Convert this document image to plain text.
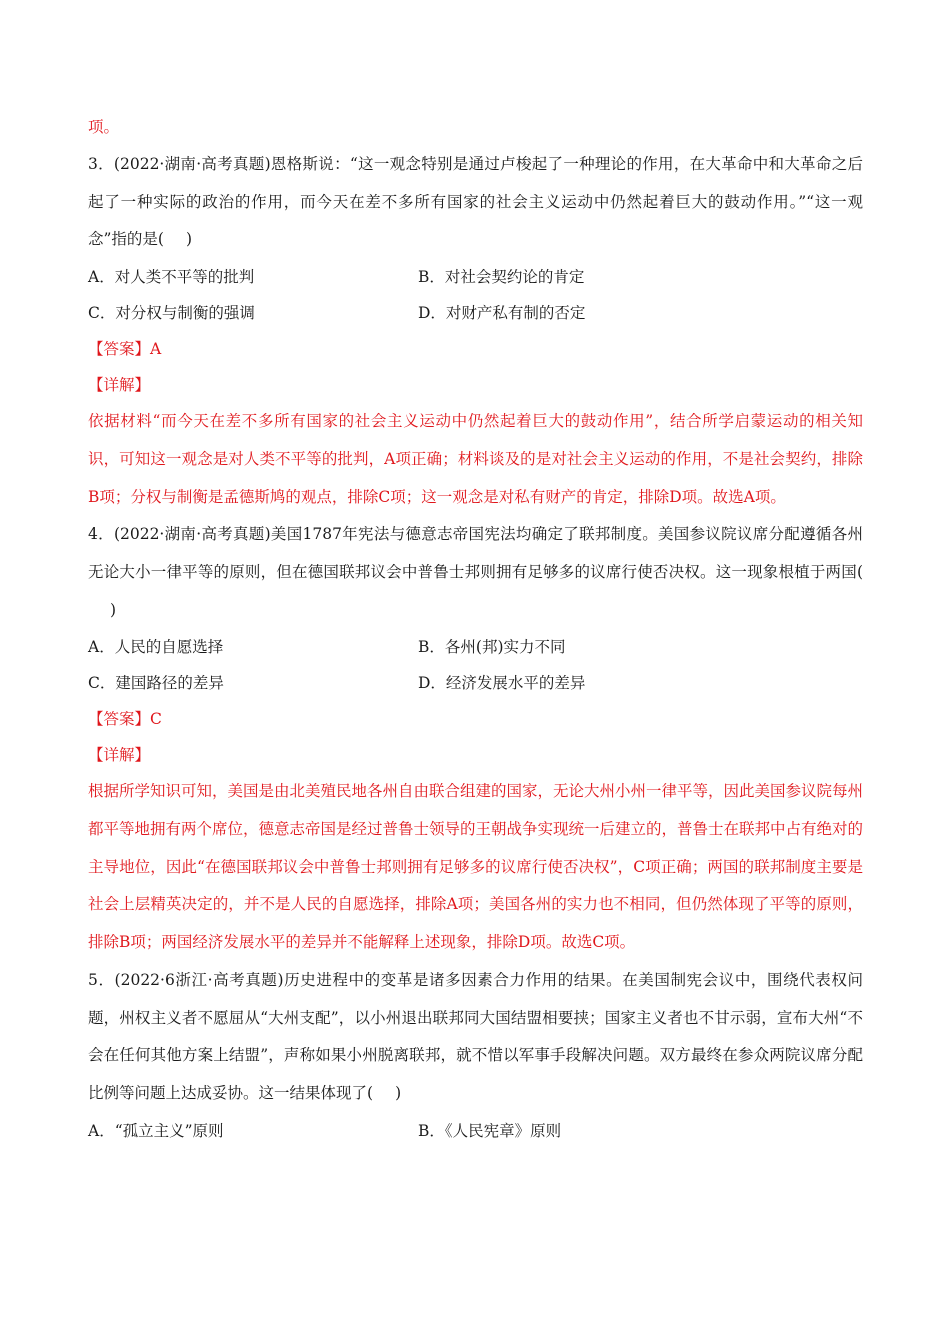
项。
3．(2022·湖南·高考真题)恩格斯说：“这一观念特别是通过卢梭起了一种理论的作用，在大革命中和大革命之后起了一种实际的政治的作用，而今天在差不多所有国家的社会主义运动中仍然起着巨大的鼓动作用。”“这一观念”指的是( )
A．对人类不平等的批判	B．对社会契约论的肯定
C．对分权与制衡的强调	D．对财产私有制的否定
【答案】A
【详解】
依据材料“而今天在差不多所有国家的社会主义运动中仍然起着巨大的鼓动作用”，结合所学启蒙运动的相关知识，可知这一观念是对人类不平等的批判，A项正确；材料谈及的是对社会主义运动的作用，不是社会契约，排除B项；分权与制衡是孟德斯鸠的观点，排除C项；这一观念是对私有财产的肯定，排除D项。故选A项。
4．(2022·湖南·高考真题)美国1787年宪法与德意志帝国宪法均确定了联邦制度。美国参议院议席分配遵循各州无论大小一律平等的原则，但在德国联邦议会中普鲁士邦则拥有足够多的议席行使否决权。这一现象根植于两国()
A．人民的自愿选择	B．各州(邦)实力不同
C．建国路径的差异	D．经济发展水平的差异
【答案】C
【详解】
根据所学知识可知，美国是由北美殖民地各州自由联合组建的国家，无论大州小州一律平等，因此美国参议院每州都平等地拥有两个席位，德意志帝国是经过普鲁士领导的王朝战争实现统一后建立的，普鲁士在联邦中占有绝对的主导地位，因此“在德国联邦议会中普鲁士邦则拥有足够多的议席行使否决权”，C项正确；两国的联邦制度主要是社会上层精英决定的，并不是人民的自愿选择，排除A项；美国各州的实力也不相同，但仍然体现了平等的原则，排除B项；两国经济发展水平的差异并不能解释上述现象，排除D项。故选C项。
5．(2022·6浙江·高考真题)历史进程中的变革是诸多因素合力作用的结果。在美国制宪会议中，围绕代表权问题，州权主义者不愿屈从“大州支配”，以小州退出联邦同大国结盟相要挟；国家主义者也不甘示弱，宣布大州“不会在任何其他方案上结盟”，声称如果小州脱离联邦，就不惜以军事手段解决问题。双方最终在参众两院议席分配比例等问题上达成妥协。这一结果体现了( )
A．“孤立主义”原则	B．《人民宪章》原则
